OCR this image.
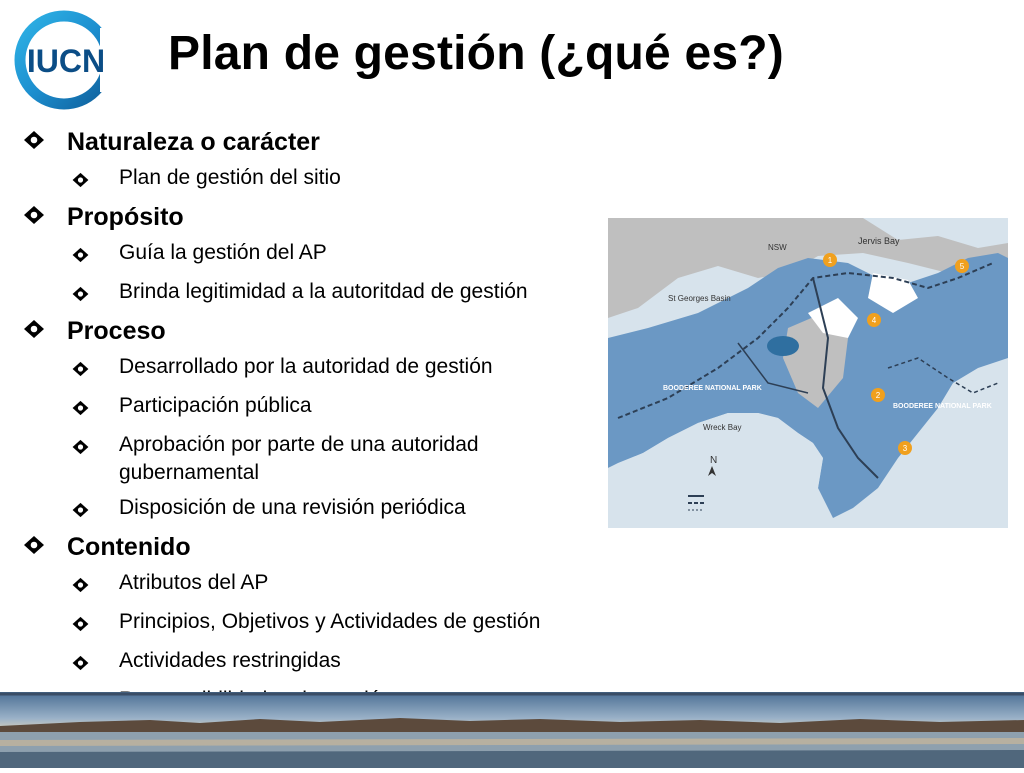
IUCN Plan de gestión (¿qué es?)
Naturaleza o carácter
Plan de gestión del sitio
Propósito
Guía la gestión del AP
Brinda legitimidad a la autoritdad de gestión
Proceso
Desarrollado por la autoridad de gestión
Participación pública
Aprobación por parte de una autoridad gubernamental
Disposición de una revisión periódica
Contenido
Atributos del AP
Principios, Objetivos y Actividades de gestión
Actividades restringidas
NSW
Jervis Bay
St Georges Basin
BOODEREE NATIONAL PARK
BOODEREE NATIONAL PARK
Wreck Bay
N
1
2
3
4
5
